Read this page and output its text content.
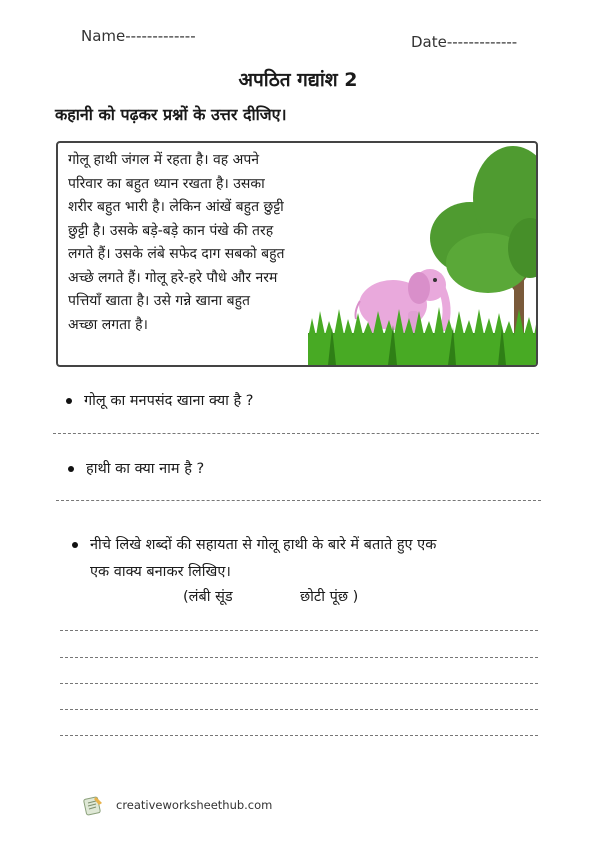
Name-------------	Date-------------
अपठित गद्यांश 2
कहानी को पढ़कर प्रश्नों के उत्तर दीजिए।
गोलू हाथी जंगल में रहता है। वह अपने
परिवार का बहुत ध्यान रखता है। उसका
शरीर बहुत भारी है। लेकिन आंखें बहुत छुट्टी
छुट्टी है। उसके बड़े-बड़े कान पंखे की तरह
लगते हैं। उसके लंबे सफेद दाग सबको बहुत
अच्छे लगते हैं। गोलू हरे-हरे पौधे और नरम
पत्तियाँ खाता है। उसे गन्ने खाना बहुत
अच्छा लगता है।
गोलू का मनपसंद खाना क्या है ?
हाथी का क्या नाम है ?
नीचे लिखे शब्दों की सहायता से गोलू हाथी के बारे में बताते हुए एक
एक वाक्य बनाकर लिखिए।
(लंबी सूंड	छोटी पूंछ )
creativeworksheethub.com
